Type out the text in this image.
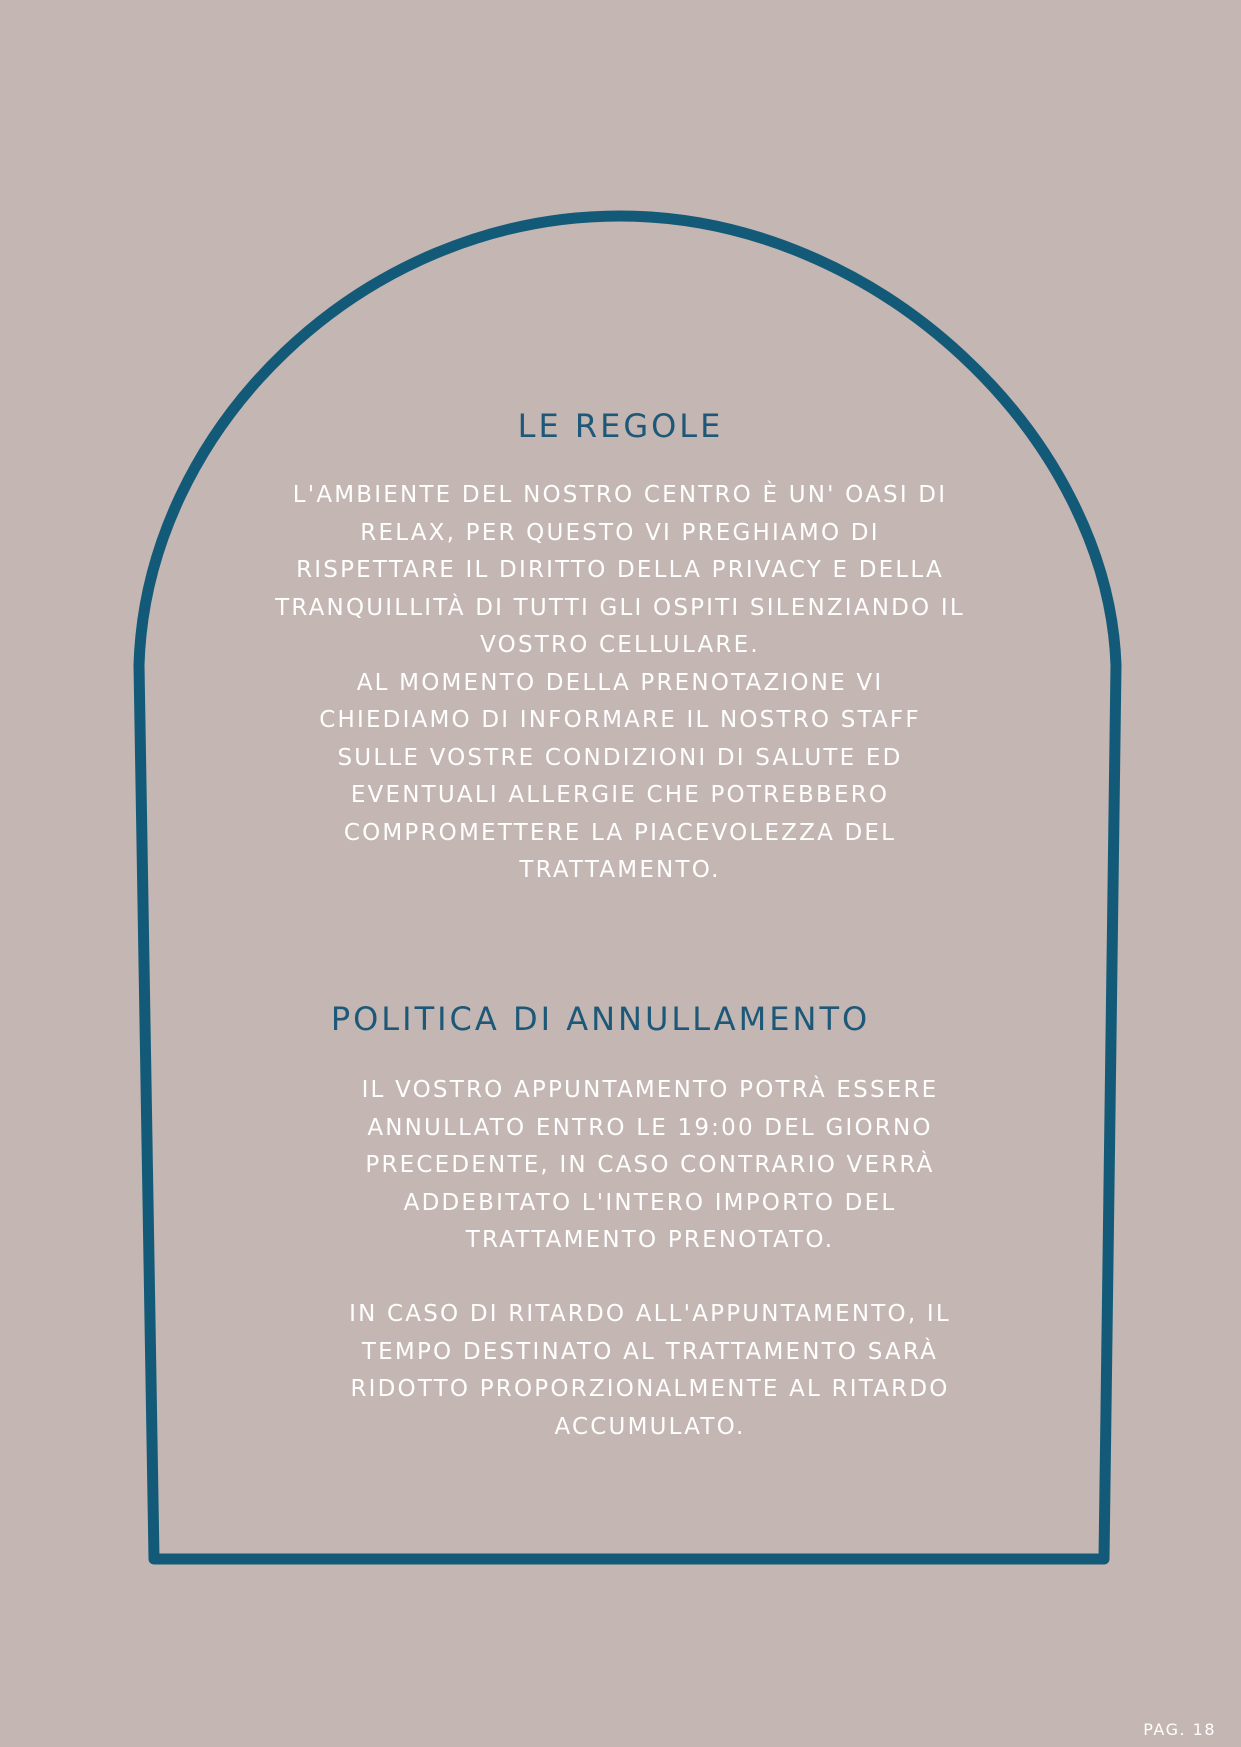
LE REGOLE
L'AMBIENTE DEL NOSTRO CENTRO È UN' OASI DI
RELAX, PER QUESTO VI PREGHIAMO DI
RISPETTARE IL DIRITTO DELLA PRIVACY E DELLA
TRANQUILLITÀ DI TUTTI GLI OSPITI SILENZIANDO IL
VOSTRO CELLULARE.
AL MOMENTO DELLA PRENOTAZIONE VI
CHIEDIAMO DI INFORMARE IL NOSTRO STAFF
SULLE VOSTRE CONDIZIONI DI SALUTE ED
EVENTUALI ALLERGIE CHE POTREBBERO
COMPROMETTERE LA PIACEVOLEZZA DEL
TRATTAMENTO.
POLITICA DI ANNULLAMENTO
IL VOSTRO APPUNTAMENTO POTRÀ ESSERE
ANNULLATO ENTRO LE 19:00 DEL GIORNO
PRECEDENTE, IN CASO CONTRARIO VERRÀ
ADDEBITATO L'INTERO IMPORTO DEL
TRATTAMENTO PRENOTATO.
IN CASO DI RITARDO ALL'APPUNTAMENTO, IL
TEMPO DESTINATO AL TRATTAMENTO SARÀ
RIDOTTO PROPORZIONALMENTE AL RITARDO
ACCUMULATO.
PAG. 18
